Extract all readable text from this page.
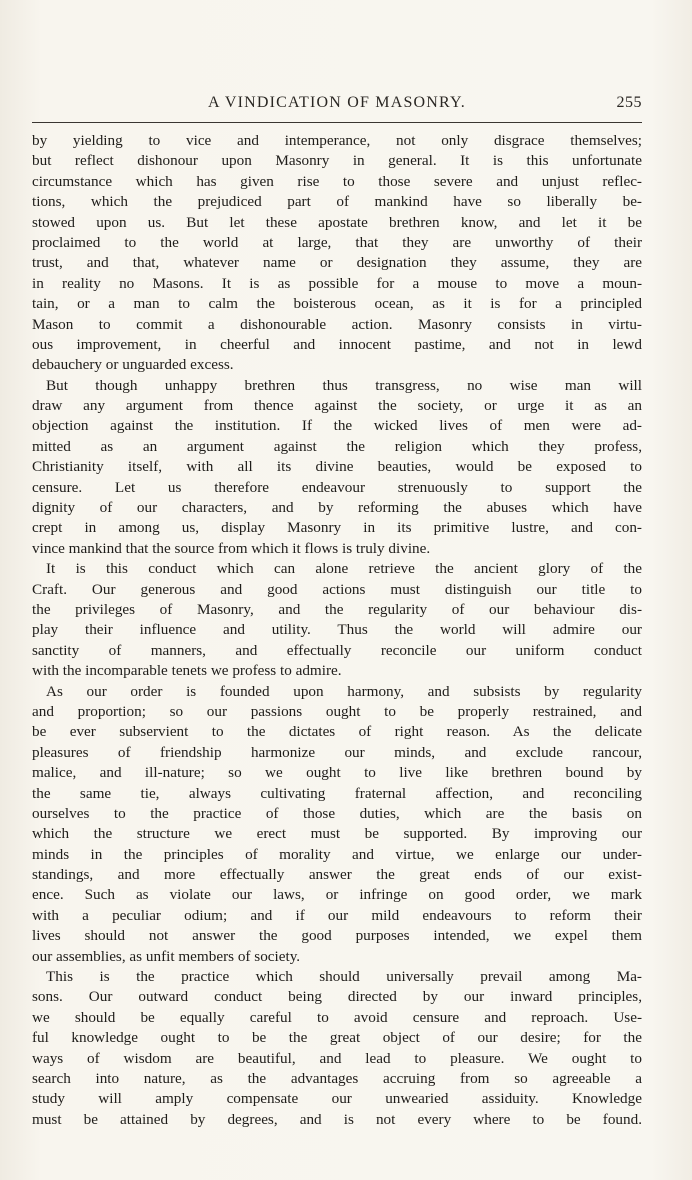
A VINDICATION OF MASONRY.	255
by yielding to vice and intemperance, not only disgrace themselves;
but reflect dishonour upon Masonry in general. It is this unfortunate
circumstance which has given rise to those severe and unjust reflec-
tions, which the prejudiced part of mankind have so liberally be-
stowed upon us. But let these apostate brethren know, and let it be
proclaimed to the world at large, that they are unworthy of their
trust, and that, whatever name or designation they assume, they are
in reality no Masons. It is as possible for a mouse to move a moun-
tain, or a man to calm the boisterous ocean, as it is for a principled
Mason to commit a dishonourable action. Masonry consists in virtu-
ous improvement, in cheerful and innocent pastime, and not in lewd
debauchery or unguarded excess.
But though unhappy brethren thus transgress, no wise man will
draw any argument from thence against the society, or urge it as an
objection against the institution. If the wicked lives of men were ad-
mitted as an argument against the religion which they profess,
Christianity itself, with all its divine beauties, would be exposed to
censure. Let us therefore endeavour strenuously to support the
dignity of our characters, and by reforming the abuses which have
crept in among us, display Masonry in its primitive lustre, and con-
vince mankind that the source from which it flows is truly divine.
It is this conduct which can alone retrieve the ancient glory of the
Craft. Our generous and good actions must distinguish our title to
the privileges of Masonry, and the regularity of our behaviour dis-
play their influence and utility. Thus the world will admire our
sanctity of manners, and effectually reconcile our uniform conduct
with the incomparable tenets we profess to admire.
As our order is founded upon harmony, and subsists by regularity
and proportion; so our passions ought to be properly restrained, and
be ever subservient to the dictates of right reason. As the delicate
pleasures of friendship harmonize our minds, and exclude rancour,
malice, and ill-nature; so we ought to live like brethren bound by
the same tie, always cultivating fraternal affection, and reconciling
ourselves to the practice of those duties, which are the basis on
which the structure we erect must be supported. By improving our
minds in the principles of morality and virtue, we enlarge our under-
standings, and more effectually answer the great ends of our exist-
ence. Such as violate our laws, or infringe on good order, we mark
with a peculiar odium; and if our mild endeavours to reform their
lives should not answer the good purposes intended, we expel them
our assemblies, as unfit members of society.
This is the practice which should universally prevail among Ma-
sons. Our outward conduct being directed by our inward principles,
we should be equally careful to avoid censure and reproach. Use-
ful knowledge ought to be the great object of our desire; for the
ways of wisdom are beautiful, and lead to pleasure. We ought to
search into nature, as the advantages accruing from so agreeable a
study will amply compensate our unwearied assiduity. Knowledge
must be attained by degrees, and is not every where to be found.
